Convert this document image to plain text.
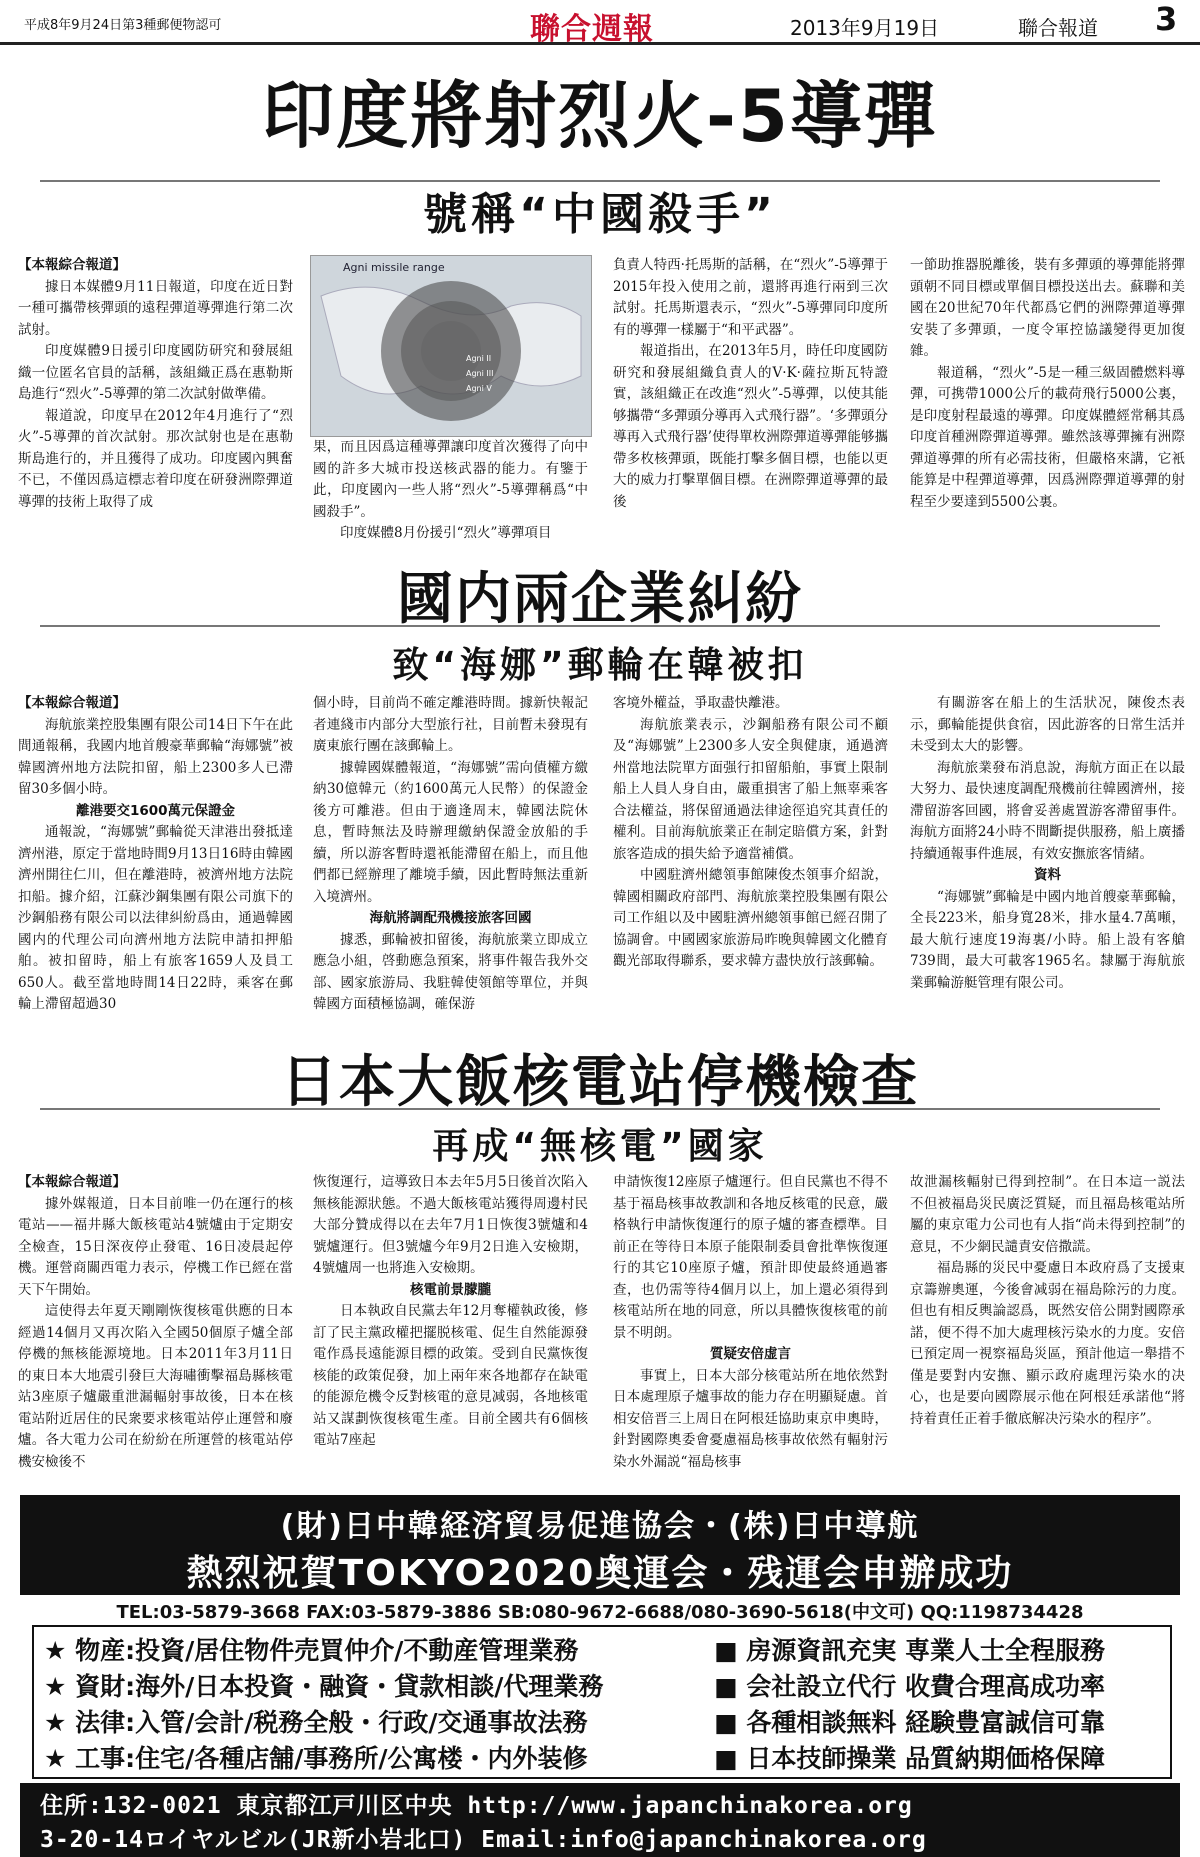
平成8年9月24日第3種郵便物認可	聯合週報	2013年9月19日	聯合報道 3
印度將射烈火-5導彈
號稱“中國殺手”

【本報綜合報道】

據日本媒體9月11日報道，印度在近日對一種可攜帶核彈頭的遠程彈道導彈進行第二次試射。

印度媒體9日援引印度國防研究和發展組織一位匿名官員的話稱，該組織正爲在惠勒斯島進行“烈火”-5導彈的第二次試射做準備。

報道說，印度早在2012年4月進行了“烈火”-5導彈的首次試射。那次試射也是在惠勒斯島進行的，并且獲得了成功。印度國內興奮不已，不僅因爲這標志着印度在研發洲際彈道導彈的技術上取得了成

Agni II
Agni III
Agni V
Agni missile range

果，而且因爲這種導彈讓印度首次獲得了向中國的許多大城市投送核武器的能力。有鑒于此，印度國內一些人將“烈火”-5導彈稱爲“中國殺手”。

印度媒體8月份援引“烈火”導彈項目

負責人特西·托馬斯的話稱，在“烈火”-5導彈于2015年投入使用之前，還將再進行兩到三次試射。托馬斯還表示，“烈火”-5導彈同印度所有的導彈一樣屬于“和平武器”。

報道指出，在2013年5月，時任印度國防研究和發展組織負責人的V·K·薩拉斯瓦特證實，該組織正在改進“烈火”-5導彈，以使其能够攜帶“多彈頭分導再入式飛行器”。‘多彈頭分導再入式飛行器’使得單枚洲際彈道導彈能够攜帶多枚核彈頭，既能打擊多個目標，也能以更大的威力打擊單個目標。在洲際彈道導彈的最後

一節助推器脱離後，裝有多彈頭的導彈能將彈頭朝不同目標或單個目標投送出去。蘇聯和美國在20世紀70年代都爲它們的洲際彈道導彈安裝了多彈頭，一度令軍控協議變得更加復雜。

報道稱，“烈火”-5是一種三級固體燃料導彈，可携帶1000公斤的載荷飛行5000公裏，是印度射程最遠的導彈。印度媒體經常稱其爲印度首種洲際彈道導彈。雖然該導彈擁有洲際彈道導彈的所有必需技術，但嚴格來講，它衹能算是中程彈道導彈，因爲洲際彈道導彈的射程至少要達到5500公裏。

國内兩企業糾紛
致“海娜”郵輪在韓被扣

【本報綜合報道】

海航旅業控股集團有限公司14日下午在此間通報稱，我國内地首艘豪華郵輪“海娜號”被韓國濟州地方法院扣留，船上2300多人已滯留30多個小時。

離港要交1600萬元保證金

通報說，“海娜號”郵輪從天津港出發抵達濟州港，原定于當地時間9月13日16時由韓國濟州開往仁川，但在離港時，被濟州地方法院扣船。據介紹，江蘇沙鋼集團有限公司旗下的沙鋼船務有限公司以法律糾紛爲由，通過韓國國内的代理公司向濟州地方法院申請扣押船舶。被扣留時，船上有旅客1659人及員工650人。截至當地時間14日22時，乘客在郵輪上滯留超過30

個小時，目前尚不確定離港時間。據新快報記者連綫市内部分大型旅行社，目前暫未發現有廣東旅行團在該郵輪上。

據韓國媒體報道，“海娜號”需向債權方繳納30億韓元（約1600萬元人民幣）的保證金後方可離港。但由于適逢周末，韓國法院休息，暫時無法及時辦理繳納保證金放船的手續，所以游客暫時還衹能滯留在船上，而且他們都已經辦理了離境手續，因此暫時無法重新入境濟州。

海航將調配飛機接旅客回國

據悉，郵輪被扣留後，海航旅業立即成立應急小組，啓動應急預案，將事件報告我外交部、國家旅游局、我駐韓使領館等單位，并與韓國方面積極協調，確保游

客境外權益，爭取盡快離港。

海航旅業表示，沙鋼船務有限公司不顧及“海娜號”上2300多人安全與健康，通過濟州當地法院單方面强行扣留船舶，事實上限制船上人員人身自由，嚴重損害了船上無辜乘客合法權益，將保留通過法律途徑追究其責任的權利。目前海航旅業正在制定賠償方案，針對旅客造成的損失給予適當補償。

中國駐濟州總領事館陳俊杰領事介紹說，韓國相關政府部門、海航旅業控股集團有限公司工作組以及中國駐濟州總領事館已經召開了協調會。中國國家旅游局昨晚與韓國文化體育觀光部取得聯系，要求韓方盡快放行該郵輪。

有關游客在船上的生活狀况，陳俊杰表示，郵輪能提供食宿，因此游客的日常生活并未受到太大的影響。

海航旅業發布消息說，海航方面正在以最大努力、最快速度調配飛機前往韓國濟州，接滯留游客回國，將會妥善處置游客滯留事件。海航方面將24小時不間斷提供服務，船上廣播持續通報事件進展，有效安撫旅客情緒。

資料

“海娜號”郵輪是中國内地首艘豪華郵輪，全長223米，船身寬28米，排水量4.7萬噸，最大航行速度19海裏/小時。船上設有客艙739間，最大可載客1965名。隸屬于海航旅業郵輪游艇管理有限公司。

日本大飯核電站停機檢查
再成“無核電”國家

【本報綜合報道】

據外媒報道，日本目前唯一仍在運行的核電站——福井縣大飯核電站4號爐由于定期安全檢查，15日深夜停止發電、16日凌晨起停機。運營商關西電力表示，停機工作已經在當天下午開始。

這使得去年夏天剛剛恢復核電供應的日本經過14個月又再次陷入全國50個原子爐全部停機的無核能源境地。日本2011年3月11日的東日本大地震引發巨大海嘯衝擊福島縣核電站3座原子爐嚴重泄漏輻射事故後，日本在核電站附近居住的民衆要求核電站停止運營和廢爐。各大電力公司在紛紛在所運營的核電站停機安檢後不

恢復運行，這導致日本去年5月5日後首次陷入無核能源狀態。不過大飯核電站獲得周邊村民大部分贊成得以在去年7月1日恢復3號爐和4號爐運行。但3號爐今年9月2日進入安檢期，4號爐周一也將進入安檢期。

核電前景朦朧

日本執政自民黨去年12月奪權執政後，修訂了民主黨政權把擺脱核電、促生自然能源發電作爲長遠能源目標的政策。受到自民黨恢復核能的政策促發，加上兩年來各地都存在缺電的能源危機令反對核電的意見减弱，各地核電站又謀劃恢復核電生產。目前全國共有6個核電站7座起

申請恢復12座原子爐運行。但自民黨也不得不基于福島核事故教訓和各地反核電的民意，嚴格執行申請恢復運行的原子爐的審查標準。目前正在等待日本原子能限制委員會批準恢復運行的其它10座原子爐，預計即使最終通過審查，也仍需等待4個月以上，加上還必須得到核電站所在地的同意，所以具體恢復核電的前景不明朗。

質疑安倍虚言

事實上，日本大部分核電站所在地依然對日本處理原子爐事故的能力存在明顯疑慮。首相安倍晋三上周日在阿根廷協助東京申奧時，針對國際奧委會憂慮福島核事故依然有輻射污染水外漏説“福島核事

故泄漏核輻射已得到控制”。在日本這一説法不但被福島災民廣泛質疑，而且福島核電站所屬的東京電力公司也有人指“尚未得到控制”的意見，不少網民譴責安倍撒謊。

福島縣的災民中憂慮日本政府爲了支援東京籌辦奧運，今後會减弱在福島除污的力度。但也有相反輿論認爲，既然安倍公開對國際承諾，便不得不加大處理核污染水的力度。安倍已預定周一視察福島災區，預計他這一舉措不僅是要對内安撫、顯示政府處理污染水的决心，也是要向國際展示他在阿根廷承諾他“將持着責任正着手徹底解决污染水的程序”。

(財)日中韓経済貿易促進協会・(株)日中導航
熱烈祝賀TOKYO2020奥運会・残運会申辦成功
TEL:03-5879-3668 FAX:03-5879-3886 SB:080-9672-6688/080-3690-5618(中文可) QQ:1198734428
★ 物産:投資/居住物件売買仲介/不動産管理業務
★ 資財:海外/日本投資・融資・貸款相談/代理業務
★ 法律:入管/会計/税務全般・行政/交通事故法務
★ 工事:住宅/各種店舗/事務所/公寓楼・内外装修
■ 房源資訊充実 専業人士全程服務
■ 会社設立代行 收費合理高成功率
■ 各種相談無料 経験豊富誠信可靠
■ 日本技師操業 品質納期価格保障
住所:132-0021 東京都江戸川区中央 http://www.japanchinakorea.org
3-20-14ロイヤルビル(JR新小岩北口) Email:info@japanchinakorea.org
